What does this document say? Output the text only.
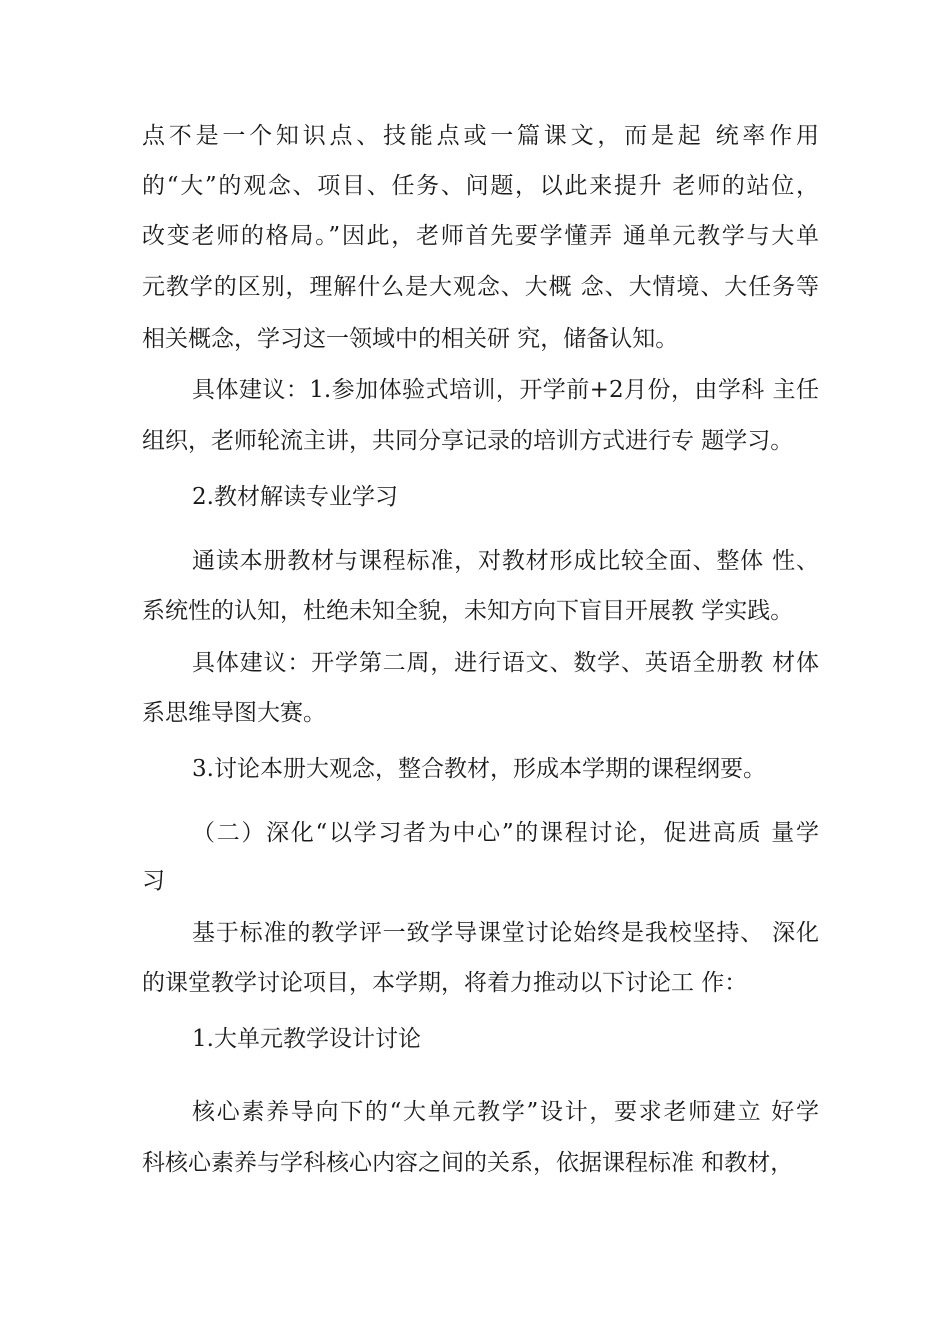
点不是一个知识点、技能点或一篇课文，而是起 统率作用
的“大”的观念、项目、任务、问题，以此来提升 老师的站位，
改变老师的格局。”因此，老师首先要学懂弄 通单元教学与大单
元教学的区别，理解什么是大观念、大概 念、大情境、大任务等
相关概念，学习这一领域中的相关研 究，储备认知。
具体建议：1.参加体验式培训，开学前+2月份，由学科 主任
组织，老师轮流主讲，共同分享记录的培训方式进行专 题学习。
2.教材解读专业学习
通读本册教材与课程标准，对教材形成比较全面、整体 性、
系统性的认知，杜绝未知全貌，未知方向下盲目开展教 学实践。
具体建议：开学第二周，进行语文、数学、英语全册教 材体
系思维导图大赛。
3.讨论本册大观念，整合教材，形成本学期的课程纲要。
（二）深化“以学习者为中心”的课程讨论，促进高质 量学
习
基于标准的教学评一致学导课堂讨论始终是我校坚持、 深化
的课堂教学讨论项目，本学期，将着力推动以下讨论工 作：
1.大单元教学设计讨论
核心素养导向下的“大单元教学”设计，要求老师建立 好学
科核心素养与学科核心内容之间的关系，依据课程标准 和教材，
